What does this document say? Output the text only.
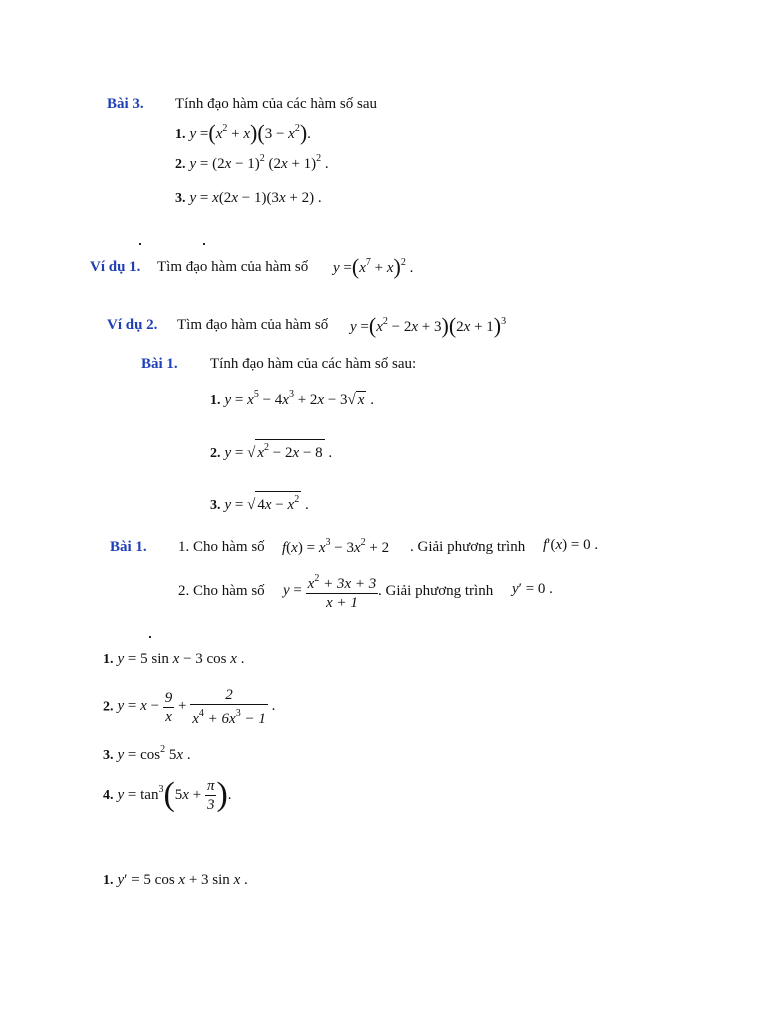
Bài 3. Tính đạo hàm của các hàm số sau
1. $y =(x^2 + x)(3 - x^2)$.
2. $y = (2x - 1)^2$ $(2x + 1)^2$ .
3. y = x(2x − 1)(3x + 2) .
Ví dụ 1. Tìm đạo hàm của hàm số $y =(x^7 + x)^2$ .
Ví dụ 2. Tìm đạo hàm của hàm số $y =(x^2 - 2x + 3)(2x + 1)^3$
Bài 1. Tính đạo hàm của các hàm số sau:
1. $y = x^5 - 4x^3 + 2x - 3√$ x .
2. y = √ $x^2 - 2x - 8$ .
3. y = √ $4x - x^2$ .
Bài 1. 1. Cho hàm số $f(x) = x^3 - 3x^2 + 2$ . Giải phương trình f′(x) = 0 .
2. Cho hàm số $y = \frac{x^2 + 3x + 3}{x + 1}$ . Giải phương trình y′ = 0 .
1. y = 5 sin x − 3 cos x .
2. $y = x - \frac{9}{x} + \frac{2}{x^4 + 6x^3 - 1}$ .
3. $y = \cos^2 5x$ .
4. $y = \tan^3(5x + \frac{\pi}{3}$ ).
1. y′ = 5 cos x + 3 sin x .
